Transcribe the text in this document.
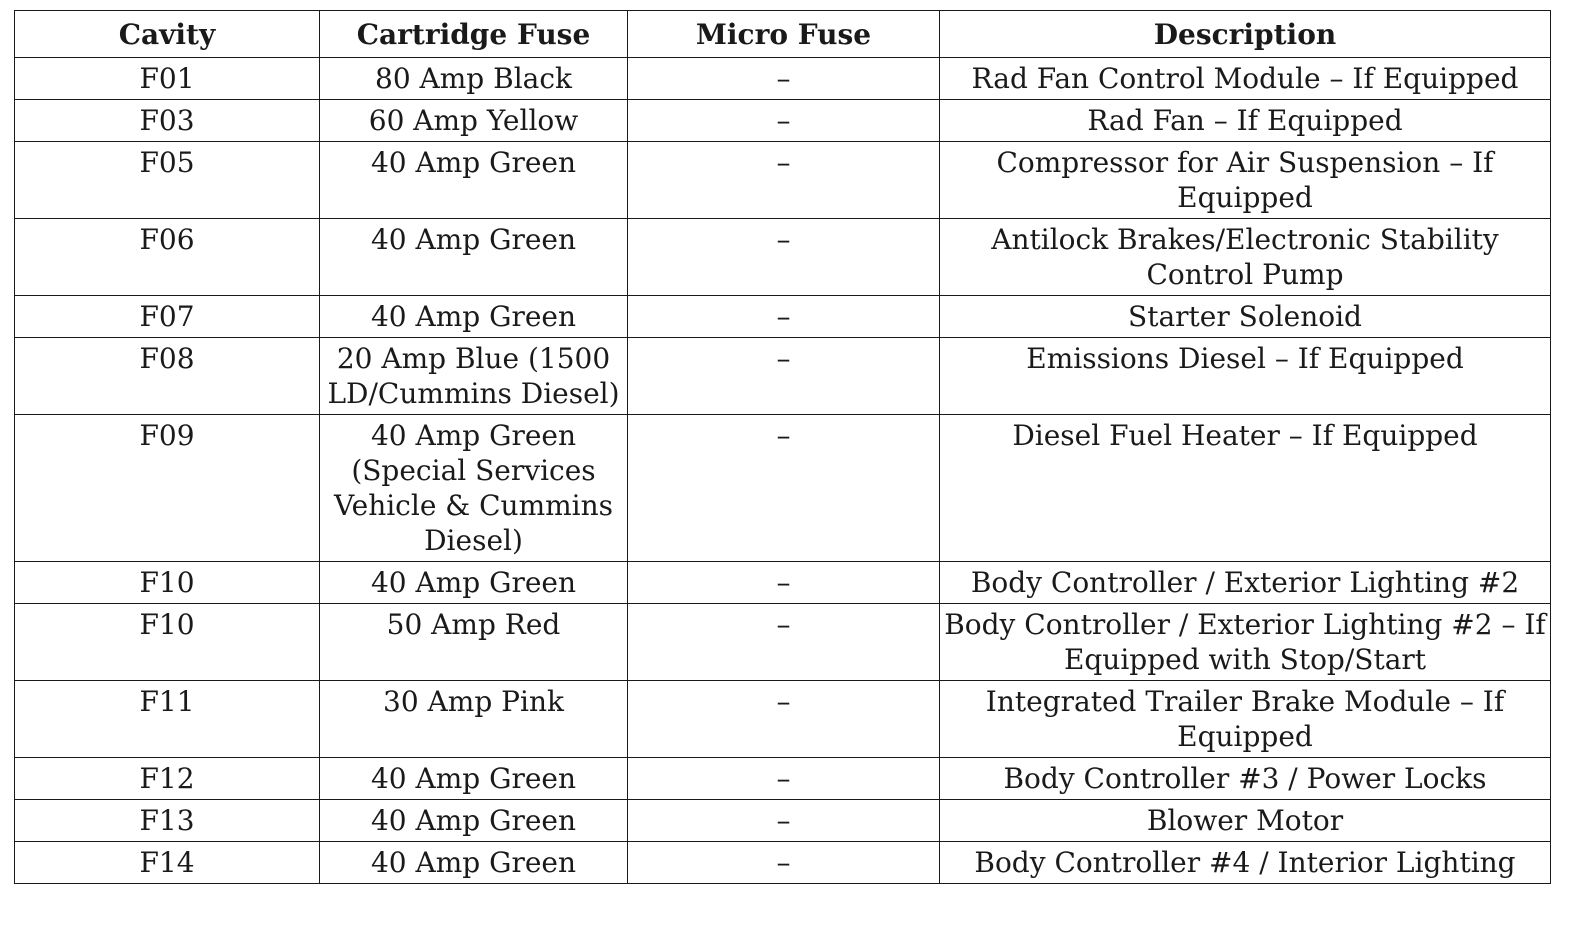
Cavity	Cartridge Fuse	Micro Fuse	Description
F01	80 Amp Black	–	Rad Fan Control Module – If Equipped
F03	60 Amp Yellow	–	Rad Fan – If Equipped
F05	40 Amp Green	–	Compressor for Air Suspension – If Equipped
F06	40 Amp Green	–	Antilock Brakes/Electronic Stability Control Pump
F07	40 Amp Green	–	Starter Solenoid
F08	20 Amp Blue (1500 LD/Cummins Diesel)	–	Emissions Diesel – If Equipped
F09	40 Amp Green (Special Services Vehicle & Cummins Diesel)	–	Diesel Fuel Heater – If Equipped
F10	40 Amp Green	–	Body Controller / Exterior Lighting #2
F10	50 Amp Red	–	Body Controller / Exterior Lighting #2 – If Equipped with Stop/Start
F11	30 Amp Pink	–	Integrated Trailer Brake Module – If Equipped
F12	40 Amp Green	–	Body Controller #3 / Power Locks
F13	40 Amp Green	–	Blower Motor
F14	40 Amp Green	–	Body Controller #4 / Interior Lighting
